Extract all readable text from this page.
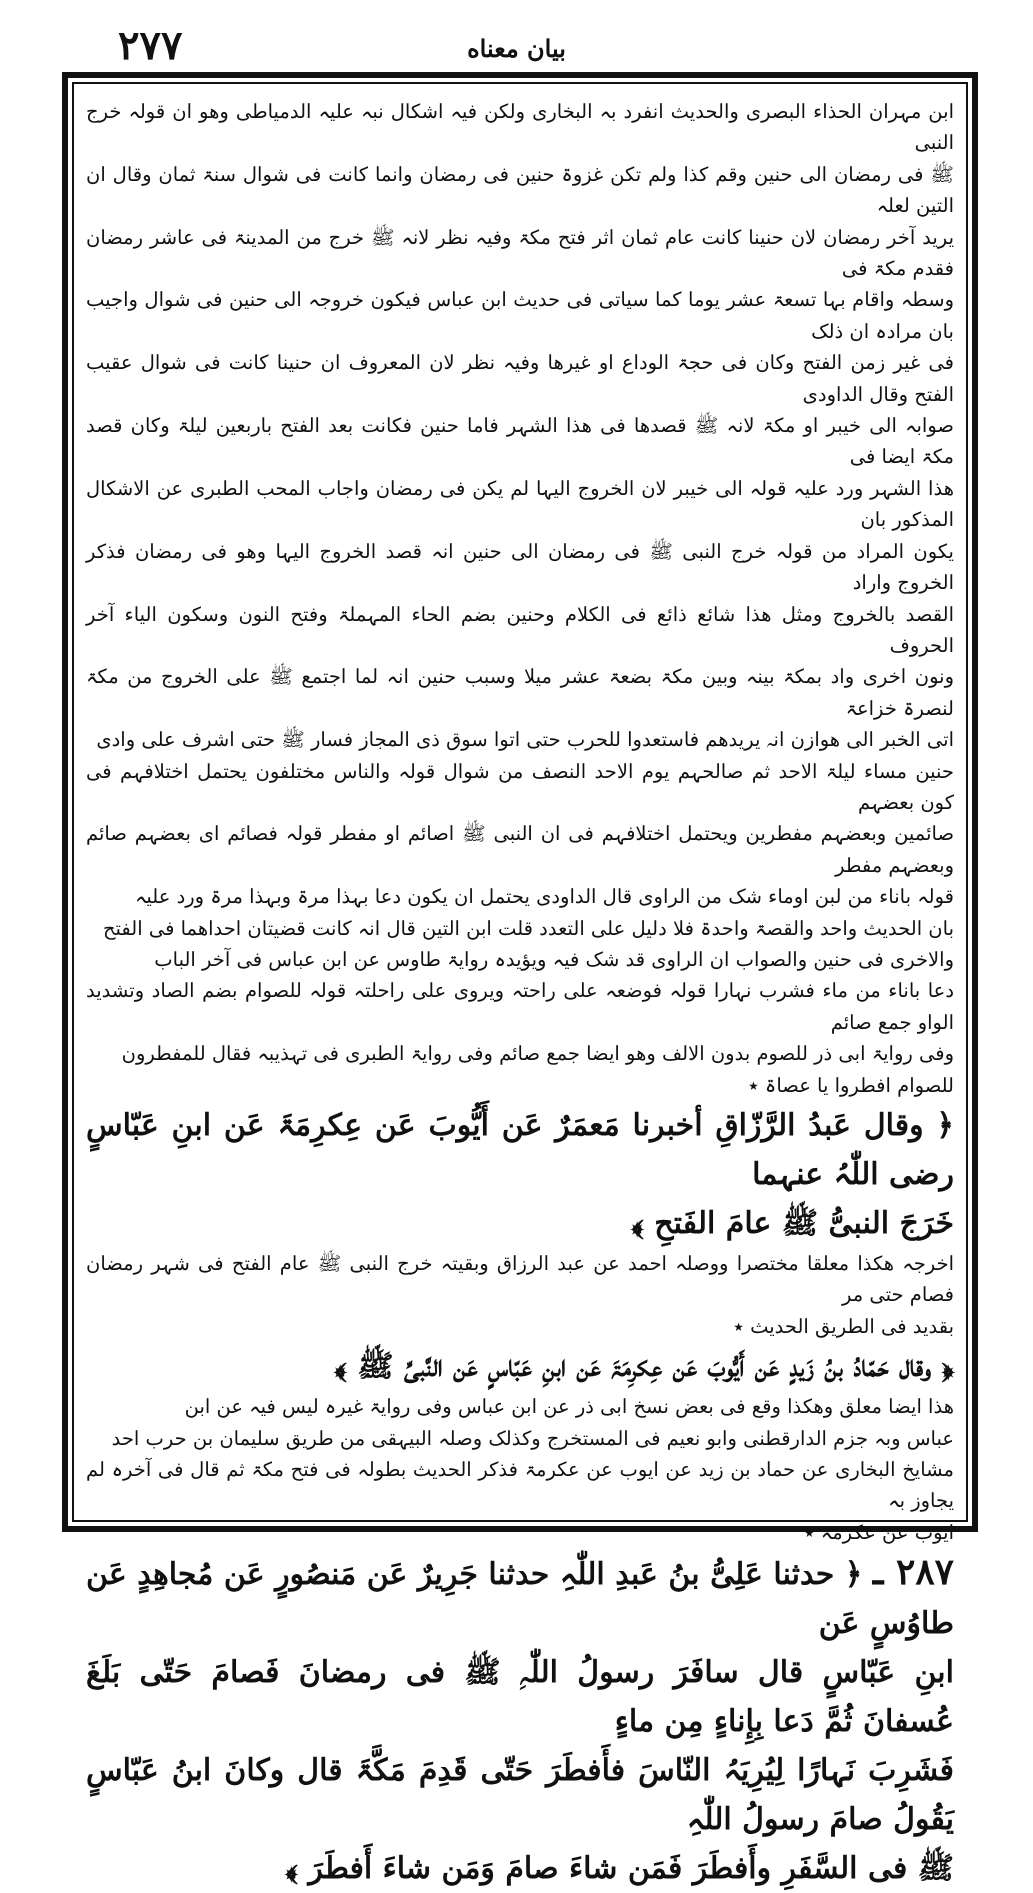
۲۷۷	بیان معناه

ابن مہران الحذاء البصری والحدیث انفرد بہ البخاری ولکن فیہ اشکال نبہ علیہ الدمیاطی وھو ان قولہ خرج النبی

ﷺ فی رمضان الی حنین وقم کذا ولم تکن غزوۃ حنین فی رمضان وانما کانت فی شوال سنۃ ثمان وقال ان التین لعلہ

یرید آخر رمضان لان حنینا کانت عام ثمان اثر فتح مکۃ وفیہ نظر لانہ ﷺ خرج من المدینۃ فی عاشر رمضان فقدم مکۃ فی

وسطہ واقام بہا تسعۃ عشر یوما کما سیاتی فی حدیث ابن عباس فیکون خروجہ الی حنین فی شوال واجیب بان مرادہ ان ذلک

فی غیر زمن الفتح وکان فی حجۃ الوداع او غیرھا وفیہ نظر لان المعروف ان حنینا کانت فی شوال عقیب الفتح وقال الداودی

صوابہ الی خیبر او مکۃ لانہ ﷺ قصدھا فی ھذا الشہر فاما حنین فکانت بعد الفتح باربعین لیلۃ وکان قصد مکۃ ایضا فی

ھذا الشہر ورد علیہ قولہ الی خیبر لان الخروج الیہا لم یکن فی رمضان واجاب المحب الطبری عن الاشکال المذکور بان

یکون المراد من قولہ خرج النبی ﷺ فی رمضان الی حنین انہ قصد الخروج الیہا وھو فی رمضان فذکر الخروج واراد

القصد بالخروج ومثل ھذا شائع ذائع فی الکلام وحنین بضم الحاء المہملۃ وفتح النون وسکون الیاء آخر الحروف

ونون اخری واد بمکۃ بینہ وبین مکۃ بضعۃ عشر میلا وسبب حنین انہ لما اجتمع ﷺ علی الخروج من مکۃ لنصرۃ خزاعۃ

اتی الخبر الی ھوازن انہ یریدھم فاستعدوا للحرب حتی اتوا سوق ذی المجاز فسار ﷺ حتی اشرف علی وادی

حنین مساء لیلۃ الاحد ثم صالحہم یوم الاحد النصف من شوال قولہ والناس مختلفون یحتمل اختلافہم فی کون بعضہم

صائمین وبعضہم مفطرین ویحتمل اختلافہم فی ان النبی ﷺ اصائم او مفطر قولہ فصائم ای بعضہم صائم وبعضہم مفطر

قولہ باناء من لبن اوماء شک من الراوی قال الداودی یحتمل ان یکون دعا بہذا مرۃ وبہذا مرۃ ورد علیہ

بان الحدیث واحد والقصۃ واحدۃ فلا دلیل علی التعدد قلت ابن التین قال انہ کانت قضیتان احداھما فی الفتح

والاخری فی حنین والصواب ان الراوی قد شک فیہ ویؤیدہ روایۃ طاوس عن ابن عباس فی آخر الباب

دعا باناء من ماء فشرب نہارا قولہ فوضعہ علی راحتہ ویروی علی راحلتہ قولہ للصوام بضم الصاد وتشدید الواو جمع صائم

وفی روایۃ ابی ذر للصوم بدون الالف وھو ایضا جمع صائم وفی روایۃ الطبری فی تہذیبہ فقال للمفطرون

للصوام افطروا یا عصاۃ ٭

﴿ وقال عَبدُ الرَّزّاقِ أخبرنا مَعمَرٌ عَن أَیُّوبَ عَن عِکرِمَۃَ عَن ابنِ عَبّاسٍ رضی اللّٰہُ عنہما

خَرَجَ النبیُّ ﷺ عامَ الفَتحِ ﴾

اخرجہ ھکذا معلقا مختصرا ووصلہ احمد عن عبد الرزاق وبقیتہ خرج النبی ﷺ عام الفتح فی شہر رمضان فصام حتی مر

بقدید فی الطریق الحدیث ٭

﴿ وقال حَمّادُ بنُ زَیدٍ عَن أَیُّوبَ عَن عِکرِمَۃَ عَن ابنِ عَبّاسٍ عَن النَّبیِّ ﷺ ﴾

ھذا ایضا معلق وھکذا وقع فی بعض نسخ ابی ذر عن ابن عباس وفی روایۃ غیرہ لیس فیہ عن ابن

عباس وبہ جزم الدارقطنی وابو نعیم فی المستخرج وکذلک وصلہ البیہقی من طریق سلیمان بن حرب احد

مشایخ البخاری عن حماد بن زید عن ایوب عن عکرمۃ فذکر الحدیث بطولہ فی فتح مکۃ ثم قال فی آخرہ لم یجاوز بہ

ایوب عن عکرمۃ ٭

۲۸۷ ـ ﴿ حدثنا عَلِیُّ بنُ عَبدِ اللّٰہِ حدثنا جَرِیرٌ عَن مَنصُورٍ عَن مُجاھِدٍ عَن طاوُسٍ عَن

ابنِ عَبّاسٍ قال سافَرَ رسولُ اللّٰہِ ﷺ فی رمضانَ فَصامَ حَتّی بَلَغَ عُسفانَ ثُمَّ دَعا بِإِناءٍ مِن ماءٍ

فَشَرِبَ نَہارًا لِیُرِیَہُ النّاسَ فأَفطَرَ حَتّی قَدِمَ مَکَّۃَ قال وکانَ ابنُ عَبّاسٍ یَقُولُ صامَ رسولُ اللّٰہِ

ﷺ فی السَّفَرِ وأَفطَرَ فَمَن شاءَ صامَ وَمَن شاءَ أَفطَرَ ﴾
